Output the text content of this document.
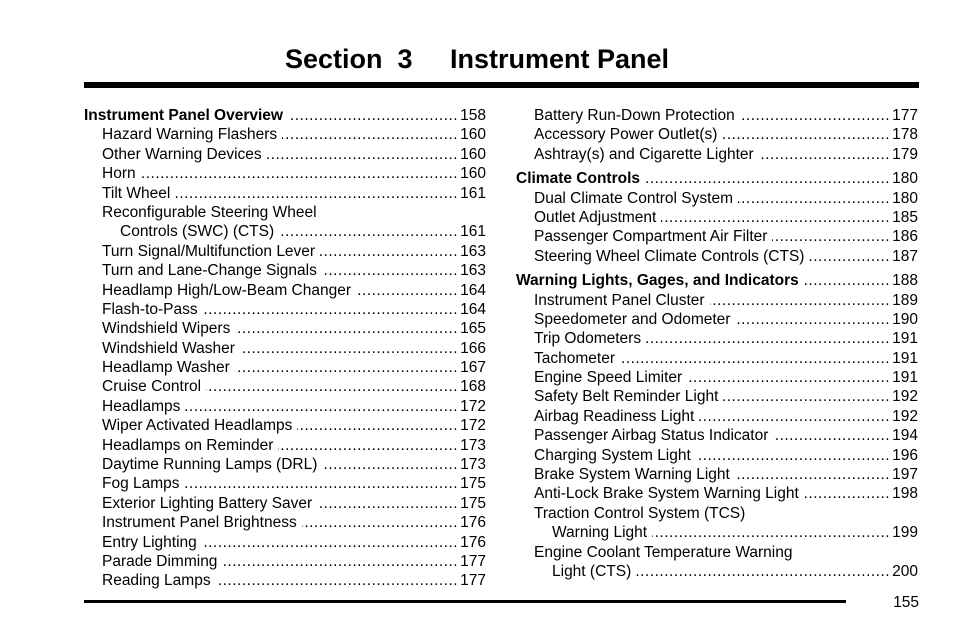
Section  3     Instrument Panel
Instrument Panel Overview .....	158
Hazard Warning Flashers .....	160
Other Warning Devices .....	160
Horn .....	160
Tilt Wheel .....	161
Reconfigurable Steering Wheel
Controls (SWC) (CTS) .....	161
Turn Signal/Multifunction Lever .....	163
Turn and Lane-Change Signals .....	163
Headlamp High/Low-Beam Changer .....	164
Flash-to-Pass .....	164
Windshield Wipers .....	165
Windshield Washer .....	166
Headlamp Washer .....	167
Cruise Control .....	168
Headlamps .....	172
Wiper Activated Headlamps .....	172
Headlamps on Reminder .....	173
Daytime Running Lamps (DRL) .....	173
Fog Lamps .....	175
Exterior Lighting Battery Saver .....	175
Instrument Panel Brightness .....	176
Entry Lighting .....	176
Parade Dimming .....	177
Reading Lamps .....	177
Battery Run-Down Protection .....	177
Accessory Power Outlet(s) .....	178
Ashtray(s) and Cigarette Lighter .....	179
Climate Controls .....	180
Dual Climate Control System .....	180
Outlet Adjustment .....	185
Passenger Compartment Air Filter .....	186
Steering Wheel Climate Controls (CTS) .....	187
Warning Lights, Gages, and Indicators .....	188
Instrument Panel Cluster .....	189
Speedometer and Odometer .....	190
Trip Odometers .....	191
Tachometer .....	191
Engine Speed Limiter .....	191
Safety Belt Reminder Light .....	192
Airbag Readiness Light .....	192
Passenger Airbag Status Indicator .....	194
Charging System Light .....	196
Brake System Warning Light .....	197
Anti-Lock Brake System Warning Light .....	198
Traction Control System (TCS)
Warning Light .....	199
Engine Coolant Temperature Warning
Light (CTS) .....	200
155
